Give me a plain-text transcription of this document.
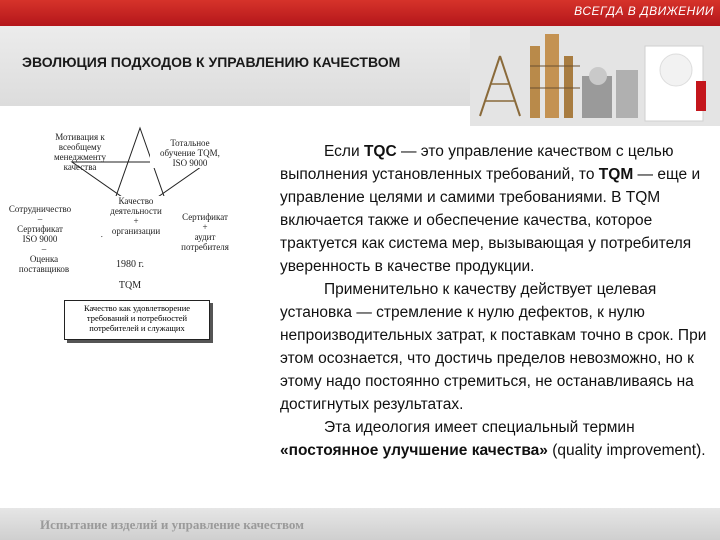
ВСЕГДА В ДВИЖЕНИИ
ЭВОЛЮЦИЯ ПОДХОДОВ К УПРАВЛЕНИЮ КАЧЕСТВОМ
Мотивация к
всеобщему
менеджменту
качества
Тотальное
обучение TQM,
ISO 9000
Сотрудничество
–
Сертификат
ISO 9000
Качество
деятельности
+
организации
Сертификат
+
аудит
потребителя
–
Оценка
поставщиков	1980 г.
TQM
Качество как удовлетворение
требований и потребностей
потребителей и служащих

Если TQC — это управление качеством с целью выполнения установленных требований, то TQM — еще и управление целями и самими требованиями. В TQM включается также и обеспечение качества, которое трактуется как система мер, вызывающая у потребителя уверенность в качестве продукции.

Применительно к качеству действует целевая установка — стремление к нулю дефектов, к нулю непроизводительных затрат, к поставкам точно в срок. При этом осознается, что достичь пределов невозможно, но к этому надо постоянно стремиться, не останавливаясь на достигнутых результатах.

Эта идеология имеет специальный термин «постоянное улучшение качества» (quality improvement).

Испытание изделий и управление качеством
